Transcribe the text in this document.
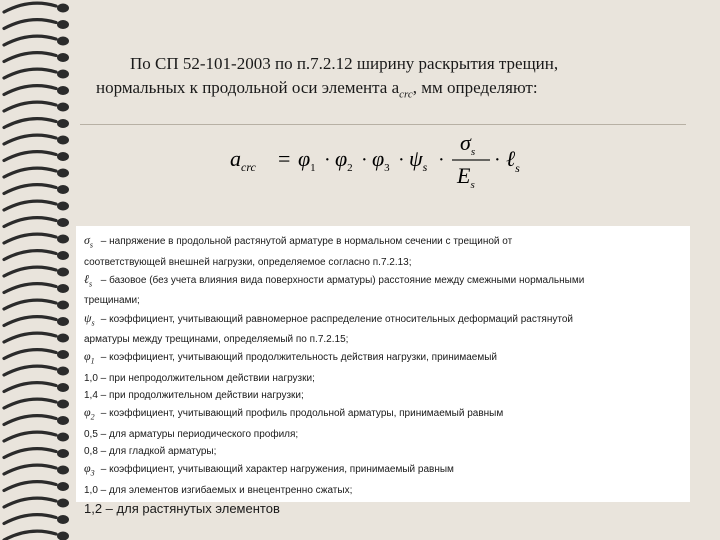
По СП 52-101-2003 по п.7.2.12 ширину раскрытия трещин,
нормальных к продольной оси элемента $a_{crc}$, мм определяют:
$a_{crc} = \varphi_1 \cdot \varphi_2 \cdot \varphi_3 \cdot \psi_s$ ·
$\sigma_s$
$E_s$
· ℓ$_s$
$\sigma_s$ – напряжение в продольной растянутой арматуре в нормальном сечении с трещиной от
соответствующей внешней нагрузки, определяемое согласно п.7.2.13;
ℓ$_s$ – базовое (без учета влияния вида поверхности арматуры) расстояние между смежными нормальными
трещинами;
$\psi_s$ – коэффициент, учитывающий равномерное распределение относительных деформаций растянутой
арматуры между трещинами, определяемый по п.7.2.15;
$\varphi_1$ – коэффициент, учитывающий продолжительность действия нагрузки, принимаемый
1,0 – при непродолжительном действии нагрузки;
1,4 – при продолжительном действии нагрузки;
$\varphi_2$ – коэффициент, учитывающий профиль продольной арматуры, принимаемый равным
0,5 – для арматуры периодического профиля;
0,8 – для гладкой арматуры;
$\varphi_3$ – коэффициент, учитывающий характер нагружения, принимаемый равным
1,0 – для элементов изгибаемых и внецентренно сжатых;
1,2 – для растянутых элементов
